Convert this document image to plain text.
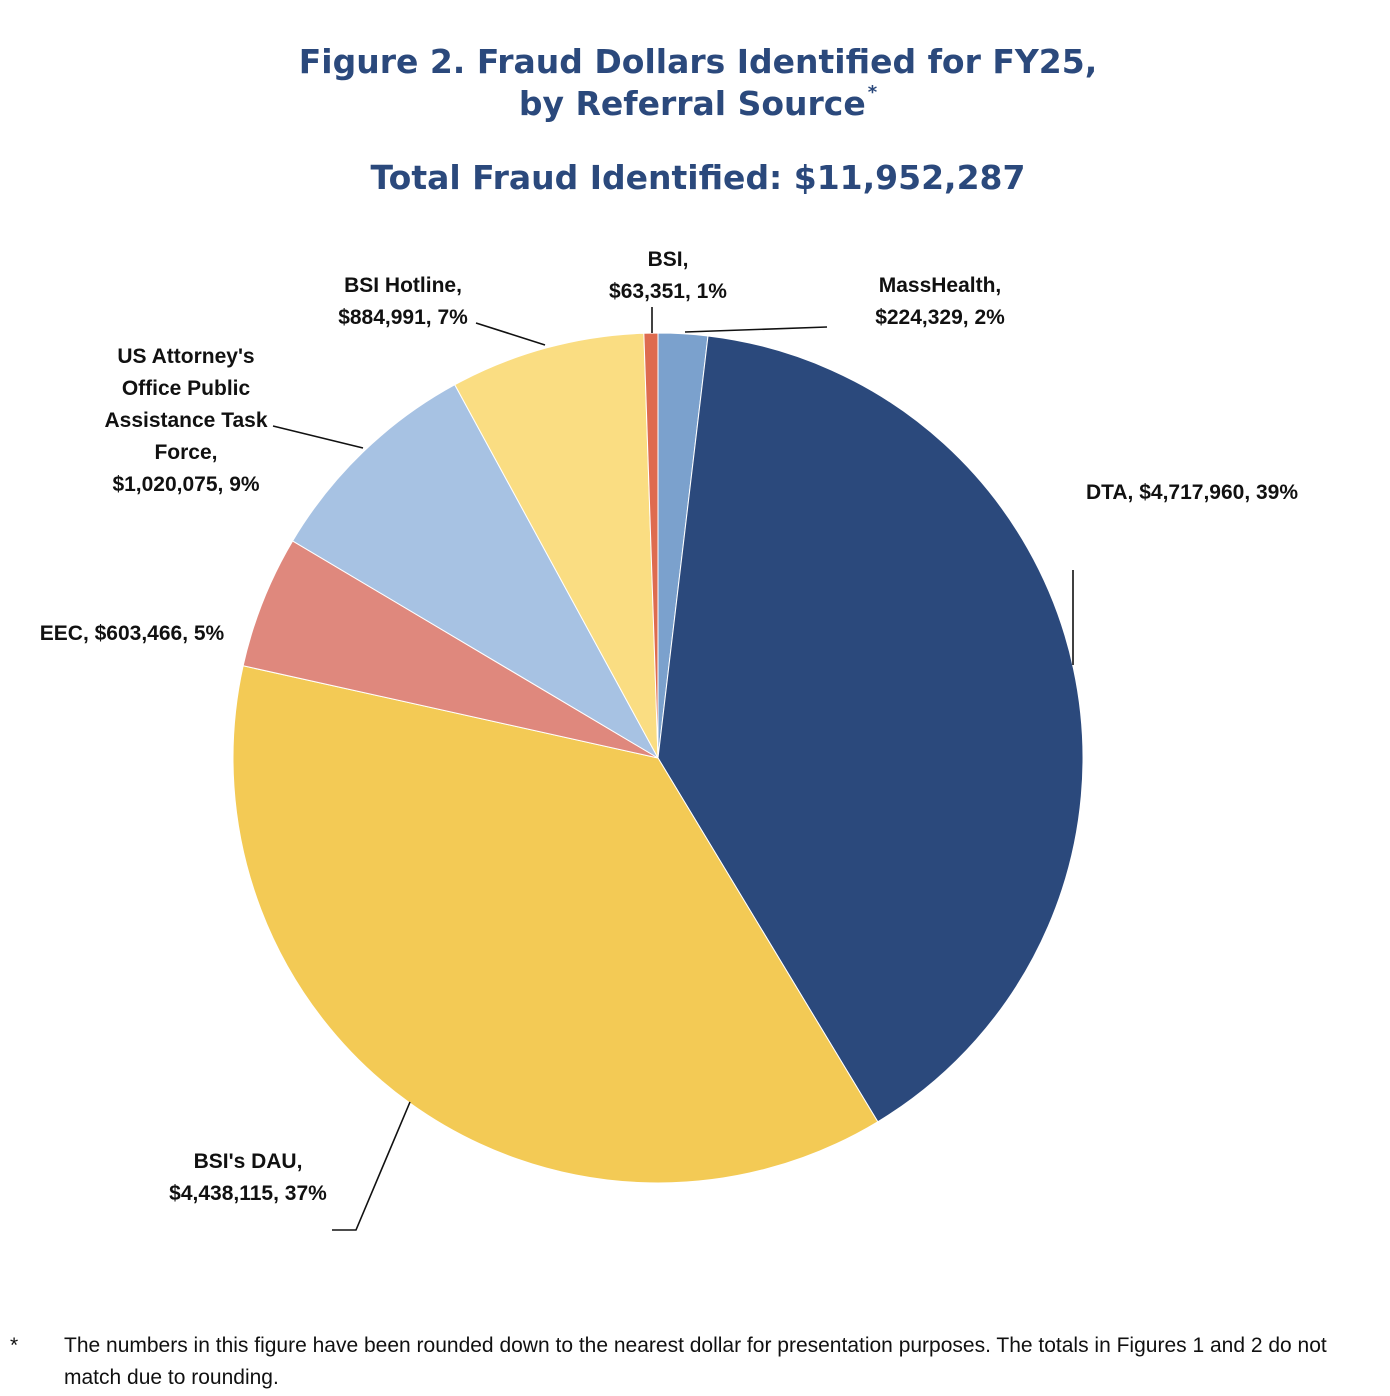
Figure 2. Fraud Dollars Identified for FY25,
by Referral Source *
Total Fraud Identified: $11,952,287
MassHealth, $224,329, 2%
DTA, $4,717,960, 39%
BSI's DAU, $4,438,115, 37%
EEC, $603,466, 5%
US Attorney's Office Public Assistance Task Force, $1,020,075, 9%
BSI Hotline, $884,991, 7%
BSI, $63,351, 1%
* The numbers in this figure have been rounded down to the nearest dollar for presentation purposes. The totals in Figures 1 and 2 do not match due to rounding.
